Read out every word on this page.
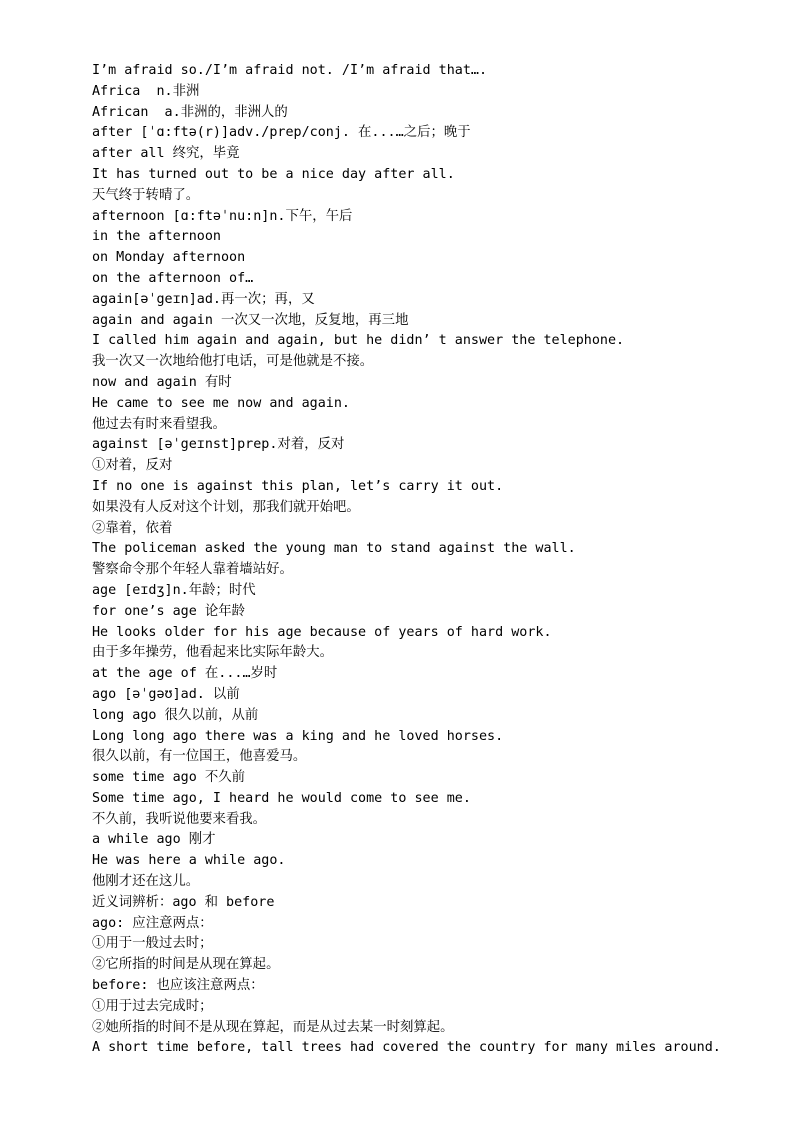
I’m afraid so./I’m afraid not. /I’m afraid that….
Africa  n.非洲
African  a.非洲的，非洲人的
after [ˈɑ:ftə(r)]adv./prep/conj. 在...…之后；晚于
after all 终究，毕竟
It has turned out to be a nice day after all.
天气终于转晴了。
afternoon [ɑ:ftəˈnu:n]n.下午，午后
in the afternoon
on Monday afternoon
on the afternoon of…
again[əˈgeɪn]ad.再一次；再，又
again and again 一次又一次地，反复地，再三地
I called him again and again, but he didn’ t answer the telephone.
我一次又一次地给他打电话，可是他就是不接。
now and again 有时
He came to see me now and again.
他过去有时来看望我。
against [əˈgeɪnst]prep.对着，反对
①对着，反对
If no one is against this plan, let’s carry it out.
如果没有人反对这个计划，那我们就开始吧。
②靠着，依着
The policeman asked the young man to stand against the wall.
警察命令那个年轻人靠着墙站好。
age [eɪdʒ]n.年龄；时代
for one’s age 论年龄
He looks older for his age because of years of hard work.
由于多年操劳，他看起来比实际年龄大。
at the age of 在...…岁时
ago [əˈgəʊ]ad. 以前
long ago 很久以前，从前
Long long ago there was a king and he loved horses.
很久以前，有一位国王，他喜爱马。
some time ago 不久前
Some time ago, I heard he would come to see me.
不久前，我听说他要来看我。
a while ago 刚才
He was here a while ago.
他刚才还在这儿。
近义词辨析：ago 和 before
ago: 应注意两点：
①用于一般过去时；
②它所指的时间是从现在算起。
before: 也应该注意两点：
①用于过去完成时；
②她所指的时间不是从现在算起，而是从过去某一时刻算起。
A short time before, tall trees had covered the country for many miles around.
